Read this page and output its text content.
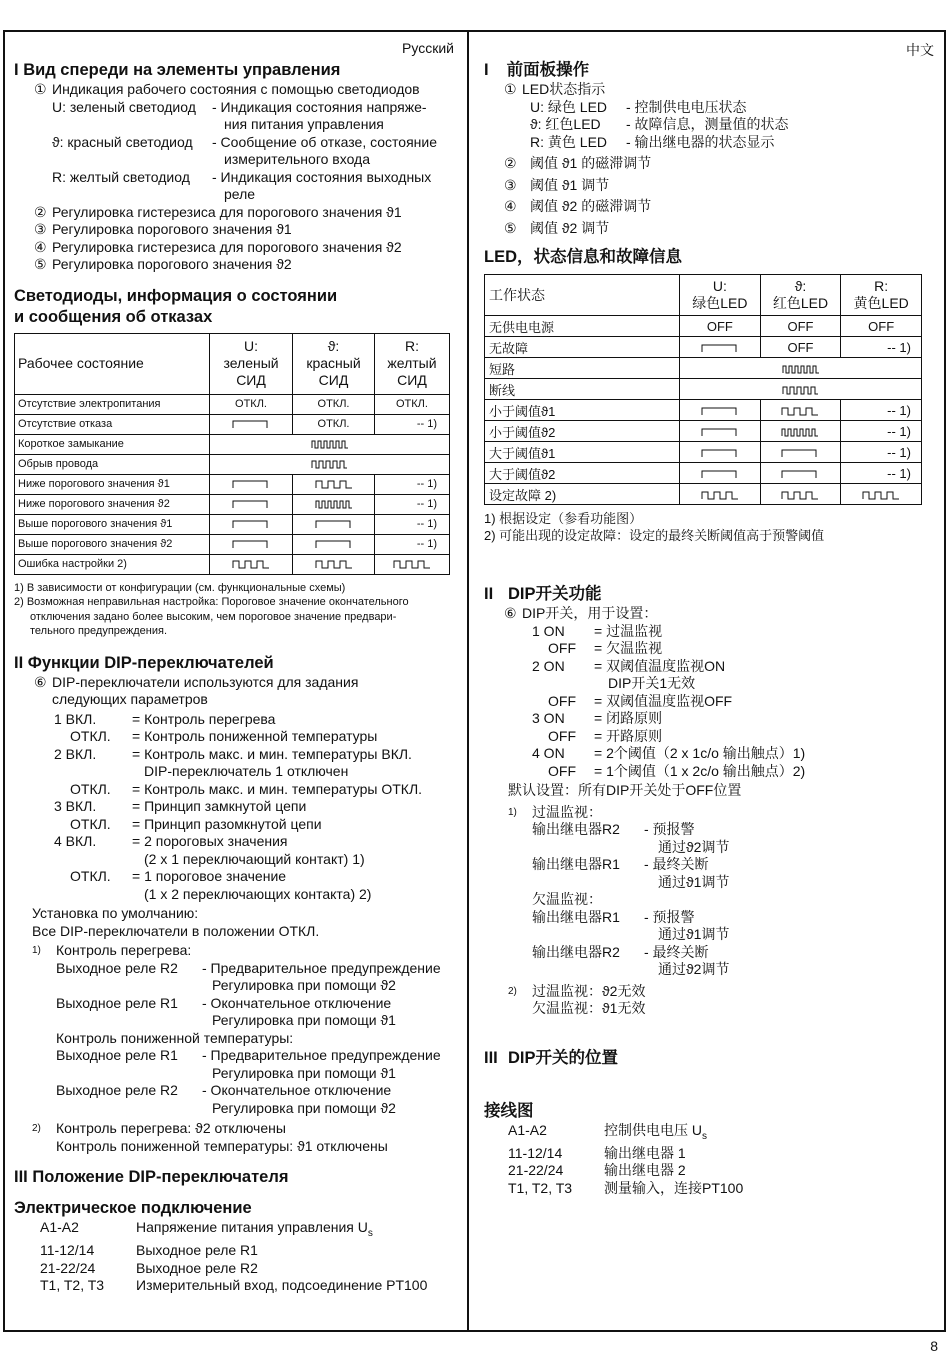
Русский
I Вид спереди на элементы управления
① Индикация рабочего состояния с помощью светодиодов
U: зеленый светодиод	- Индикация состояния напряже-
ния питания управления
ϑ: красный светодиод	- Сообщение об отказе, состояние
измерительного входа
R: желтый светодиод	- Индикация состояния выходных
реле
② Регулировка гистерезиса для порогового значения ϑ1
③ Регулировка порогового значения ϑ1
④ Регулировка гистерезиса для порогового значения ϑ2
⑤ Регулировка порогового значения ϑ2
Светодиоды, информация о состоянии
и сообщения об отказах
Рабочее состояние	U:
зеленый
СИД	ϑ:
красный
СИД	R:
желтый
СИД
Отсутствие электропитания	ОТКЛ.	ОТКЛ.	ОТКЛ.
Отсутствие отказа		ОТКЛ.	-- 1)
Короткое замыкание	
Обрыв провода	
Ниже порогового значения ϑ1			-- 1)
Ниже порогового значения ϑ2			-- 1)
Выше порогового значения ϑ1			-- 1)
Выше порогового значения ϑ2			-- 1)
Ошибка настройки 2)			
1) В зависимости от конфигурации (см. функциональные схемы)
2) Возможная неправильная настройка: Пороговое значение окончательного
отключения задано более высоким, чем пороговое значение предвари-
тельного предупреждения.
II Функции DIP-переключателей
⑥ DIP-переключатели используются для задания
следующих параметров
1 ВКЛ.	= Контроль перегрева
ОТКЛ.	= Контроль пониженной температуры
2 ВКЛ.	= Контроль макс. и мин. температуры ВКЛ.
DIP-переключатель 1 отключен
ОТКЛ.	= Контроль макс. и мин. температуры ОТКЛ.
3 ВКЛ.	= Принцип замкнутой цепи
ОТКЛ.	= Принцип разомкнутой цепи
4 ВКЛ.	= 2 пороговых значения
(2 x 1 переключающий контакт) 1)
ОТКЛ.	= 1 пороговое значение
(1 x 2 переключающих контакта) 2)
Установка по умолчанию:
Все DIP-переключатели в положении ОТКЛ.
1)	Контроль перегрева:
Выходное реле R2	- Предварительное предупреждение
Регулировка при помощи ϑ2
Выходное реле R1	- Окончательное отключение
Регулировка при помощи ϑ1
Контроль пониженной температуры:
Выходное реле R1	- Предварительное предупреждение
Регулировка при помощи ϑ1
Выходное реле R2	- Окончательное отключение
Регулировка при помощи ϑ2
2)	Контроль перегрева: ϑ2 отключены
Контроль пониженной температуры: ϑ1 отключены
III Положение DIP-переключателя
Электрическое подключение
A1-A2	Напряжение питания управления $U_s$
11-12/14	Выходное реле R1
21-22/24	Выходное реле R2
T1, T2, T3	Измерительный вход, подсоединение PT100
中文
I 前面板操作
① LED状态指示
U: 绿色 LED	- 控制供电电压状态
ϑ: 红色LED	- 故障信息，测量值的状态
R: 黄色 LED	- 输出继电器的状态显示
② 阈值 ϑ1 的磁滞调节
③ 阈值 ϑ1 调节
④ 阈值 ϑ2 的磁滞调节
⑤ 阈值 ϑ2 调节
LED，状态信息和故障信息
工作状态	U:
绿色LED	ϑ:
红色LED	R:
黄色LED
无供电电源	OFF	OFF	OFF
无故障		OFF	-- 1)
短路	
断线	
小于阈值ϑ1			-- 1)
小于阈值ϑ2			-- 1)
大于阈值ϑ1			-- 1)
大于阈值ϑ2			-- 1)
设定故障 2)			
1) 根据设定（参看功能图）
2) 可能出现的设定故障：设定的最终关断阈值高于预警阈值
II DIP开关功能
⑥ DIP开关，用于设置：
1 ON	= 过温监视
OFF	= 欠温监视
2 ON	= 双阈值温度监视ON
DIP开关1无效
OFF	= 双阈值温度监视OFF
3 ON	= 闭路原则
OFF	= 开路原则
4 ON	= 2个阈值（2 x 1c/o 输出触点）1)
OFF	= 1个阈值（1 x 2c/o 输出触点）2)
默认设置：所有DIP开关处于OFF位置
1)	过温监视：
输出继电器R2	- 预报警
通过ϑ2调节
输出继电器R1	- 最终关断
通过ϑ1调节
欠温监视：
输出继电器R1	- 预报警
通过ϑ1调节
输出继电器R2	- 最终关断
通过ϑ2调节
2)	过温监视：ϑ2无效
欠温监视：ϑ1无效
III DIP开关的位置
接线图
A1-A2	控制供电电压 $U_s$
11-12/14	输出继电器 1
21-22/24	输出继电器 2
T1, T2, T3	测量输入，连接PT100
8
